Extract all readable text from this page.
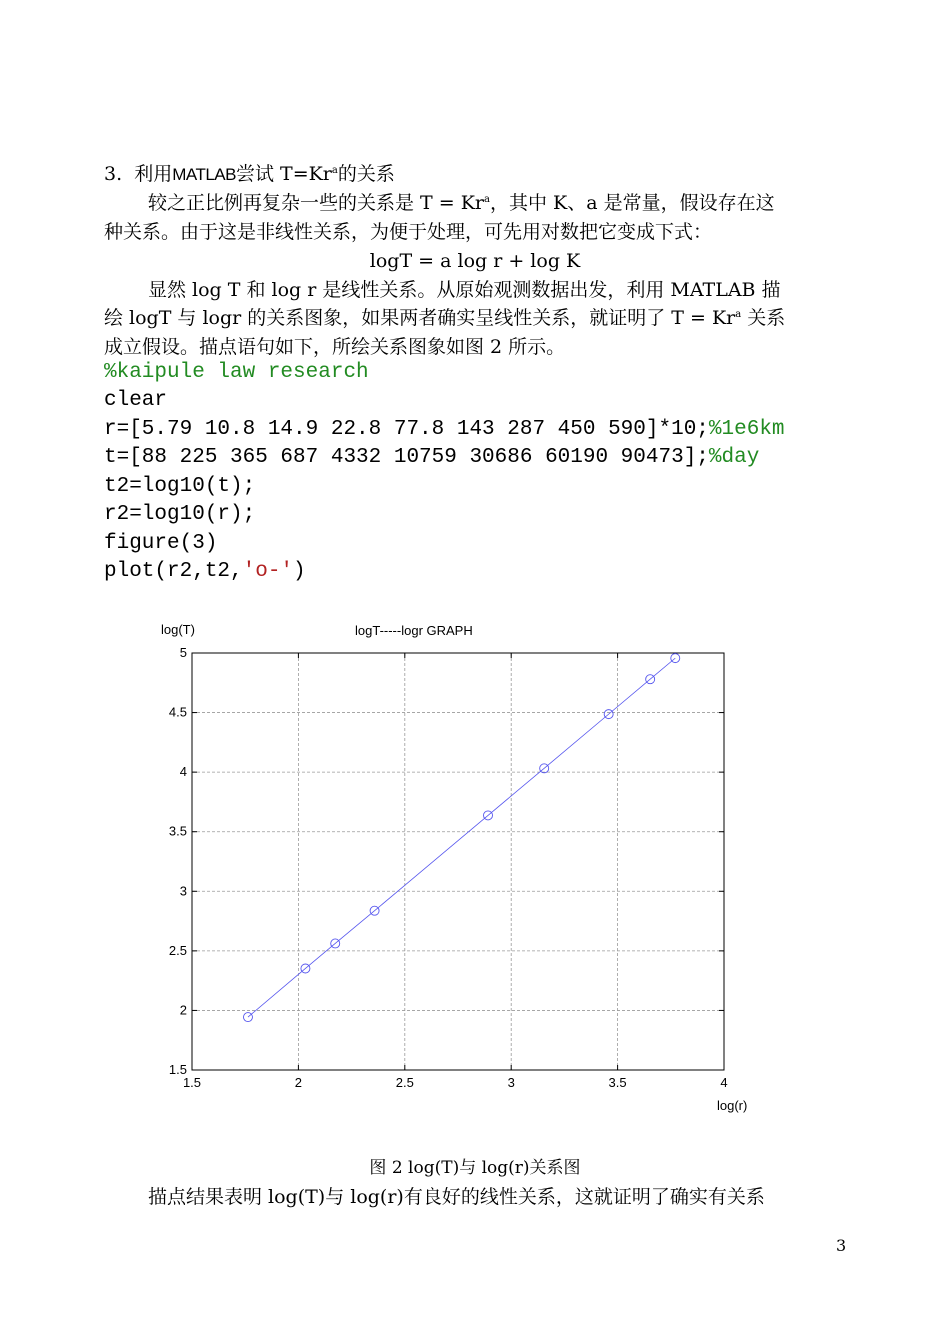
3.  利用MATLAB尝试 $T=Kr^a$的关系
较之正比例再复杂一些的关系是 $T = Kr^a$，其中 K、a 是常量，假设存在这
种关系。由于这是非线性关系，为便于处理，可先用对数把它变成下式：
logT = a log r + log K
显然 log T 和 log r 是线性关系。从原始观测数据出发，利用 MATLAB 描
绘 logT 与 logr 的关系图象，如果两者确实呈线性关系，就证明了 $T = Kr^a$ 关系
成立假设。描点语句如下，所绘关系图象如图 2 所示。
%kaipule law research
clear
r=[5.79 10.8 14.9 22.8 77.8 143 287 450 590]*10;%1e6km
t=[88 225 365 687 4332 10759 30686 60190 90473];%day
t2=log10(t);
r2=log10(r);
figure(3)
plot(r2,t2,'o-')
1.5	2	2.5	3	3.5	4
1.5
2
2.5
3
3.5
4
4.5
5
log(T)	logT-----logr GRAPH
log(r)
图 2 log(T)与 log(r)关系图
描点结果表明 log(T)与 log(r)有良好的线性关系，这就证明了确实有关系
3
